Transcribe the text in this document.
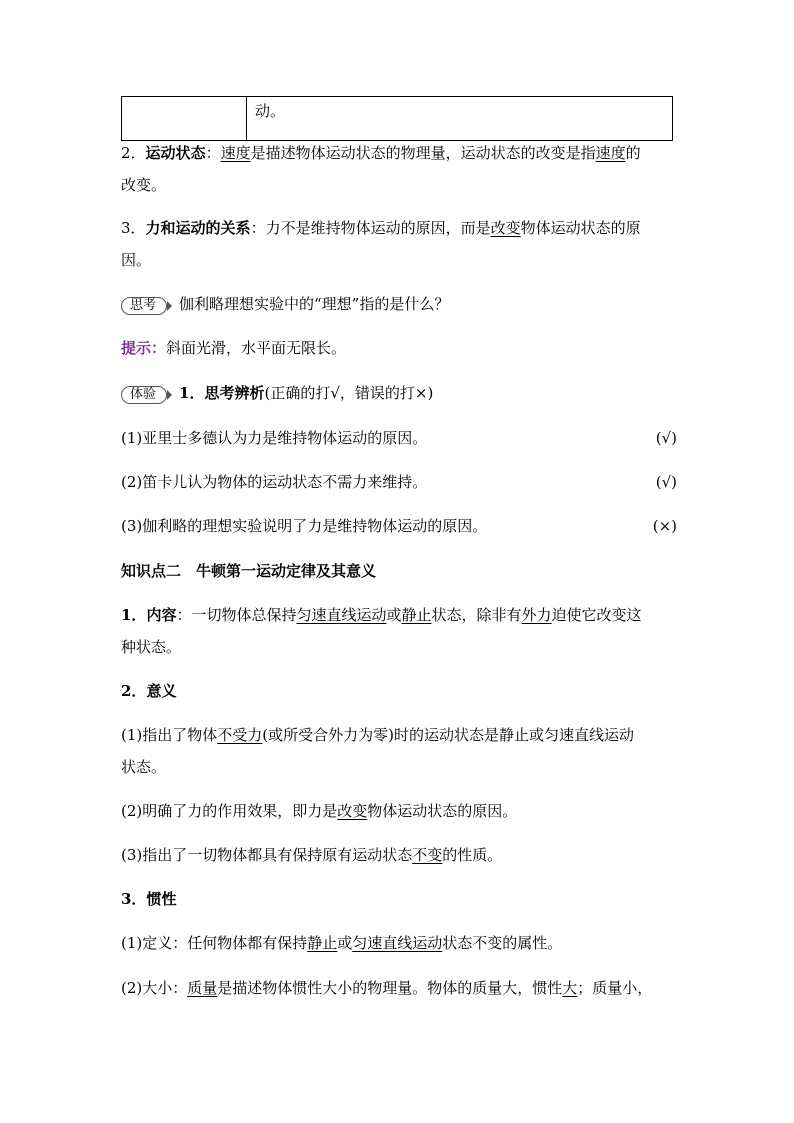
动。
2．运动状态：速度是描述物体运动状态的物理量，运动状态的改变是指速度的
改变。
3．力和运动的关系：力不是维持物体运动的原因，而是改变物体运动状态的原
因。
思考 伽利略理想实验中的“理想”指的是什么？
提示：斜面光滑，水平面无限长。
体验 1．思考辨析(正确的打√，错误的打×)
(1)亚里士多德认为力是维持物体运动的原因。	(√)
(2)笛卡儿认为物体的运动状态不需力来维持。	(√)
(3)伽利略的理想实验说明了力是维持物体运动的原因。	(×)
知识点二　牛顿第一运动定律及其意义
1．内容：一切物体总保持匀速直线运动或静止状态，除非有外力迫使它改变这
种状态。
2．意义
(1)指出了物体不受力(或所受合外力为零)时的运动状态是静止或匀速直线运动
状态。
(2)明确了力的作用效果，即力是改变物体运动状态的原因。
(3)指出了一切物体都具有保持原有运动状态不变的性质。
3．惯性
(1)定义：任何物体都有保持静止或匀速直线运动状态不变的属性。
(2)大小：质量是描述物体惯性大小的物理量。物体的质量大，惯性大；质量小，
